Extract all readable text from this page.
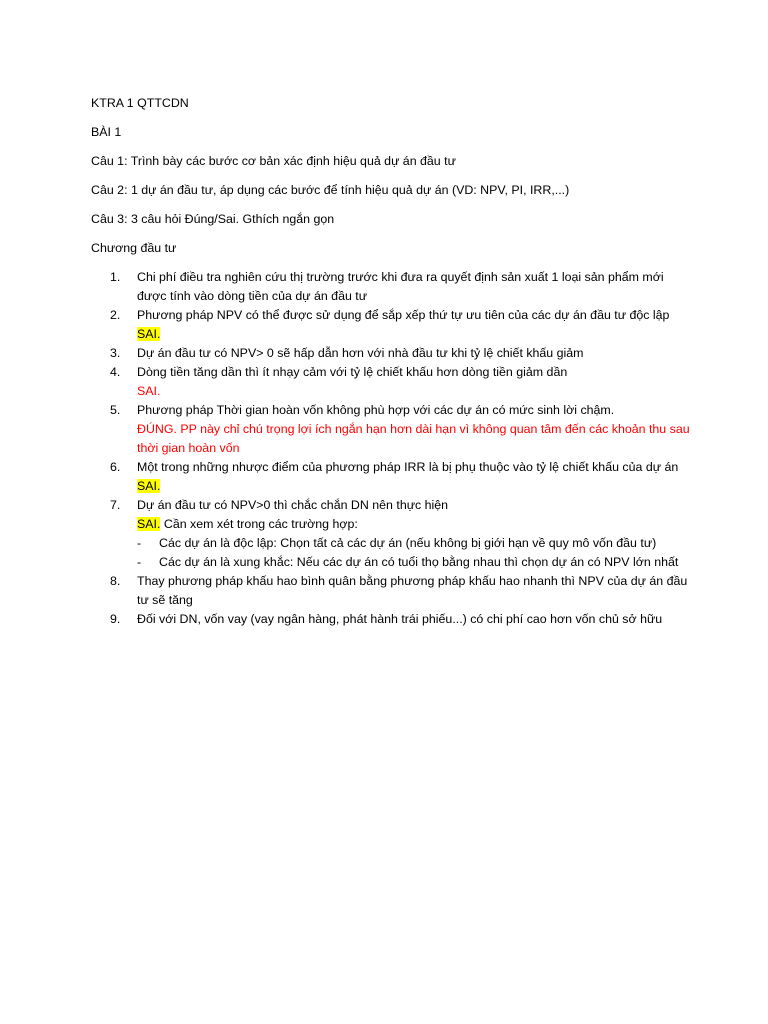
KTRA 1 QTTCDN

BÀI 1

Câu 1: Trình bày các bước cơ bản xác định hiệu quả dự án đầu tư

Câu 2: 1 dự án đầu tư, áp dụng các bước để tính hiệu quả dự án (VD: NPV, PI, IRR,...)

Câu 3: 3 câu hỏi Đúng/Sai. Gthích ngắn gọn

Chương đầu tư

1. Chi phí điều tra nghiên cứu thị trường trước khi đưa ra quyết định sản xuất 1 loại sản phẩm mới được tính vào dòng tiền của dự án đầu tư
2. Phương pháp NPV có thể được sử dụng để sắp xếp thứ tự ưu tiên của các dự án đầu tư độc lập
SAI.
3. Dự án đầu tư có NPV> 0 sẽ hấp dẫn hơn với nhà đầu tư khi tỷ lệ chiết khấu giảm
4. Dòng tiền tăng dần thì ít nhạy cảm với tỷ lệ chiết khấu hơn dòng tiền giảm dần
SAI.
5. Phương pháp Thời gian hoàn vốn không phù hợp với các dự án có mức sinh lời chậm.
ĐÚNG. PP này chỉ chú trọng lợi ích ngắn hạn hơn dài hạn vì không quan tâm đến các khoản thu sau thời gian hoàn vốn
6. Một trong những nhược điểm của phương pháp IRR là bị phụ thuộc vào tỷ lệ chiết khấu của dự án
SAI.
7. Dự án đầu tư có NPV>0 thì chắc chắn DN nên thực hiện
SAI. Cần xem xét trong các trường hợp:
- Các dự án là độc lập: Chọn tất cả các dự án (nếu không bị giới hạn về quy mô vốn đầu tư)
- Các dự án là xung khắc: Nếu các dự án có tuổi thọ bằng nhau thì chọn dự án có NPV lớn nhất
8. Thay phương pháp khấu hao bình quân bằng phương pháp khấu hao nhanh thì NPV của dự án đầu tư sẽ tăng
9. Đối với DN, vốn vay (vay ngân hàng, phát hành trái phiếu...) có chi phí cao hơn vốn chủ sở hữu
